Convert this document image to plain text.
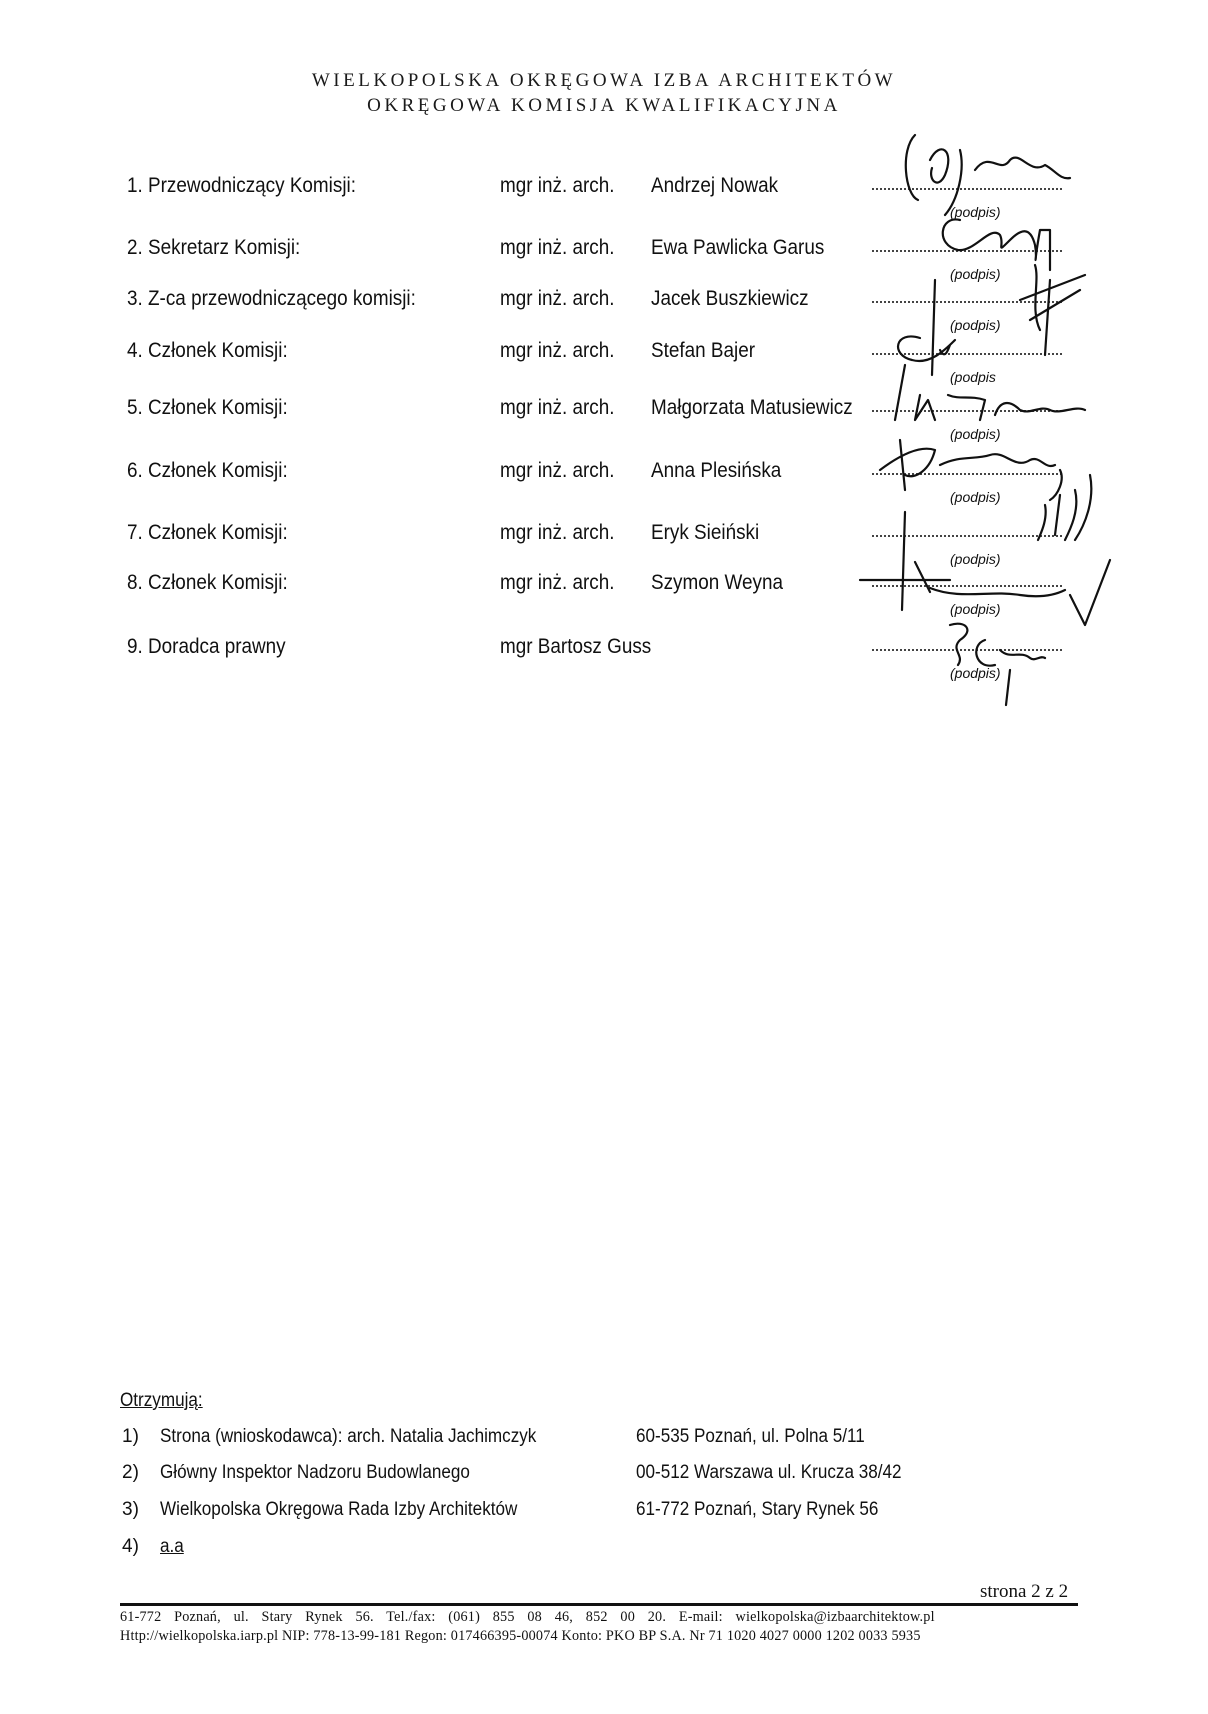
WIELKOPOLSKA OKRĘGOWA IZBA ARCHITEKTÓW
OKRĘGOWA KOMISJA KWALIFIKACYJNA
1. Przewodniczący Komisji:	mgr inż. arch. Andrzej Nowak
(podpis)
2. Sekretarz Komisji:	mgr inż. arch. Ewa Pawlicka Garus
(podpis)
3. Z-ca przewodniczącego komisji:	mgr inż. arch. Jacek Buszkiewicz
(podpis)
4. Członek Komisji:	mgr inż. arch. Stefan Bajer
(podpis
5. Członek Komisji:	mgr inż. arch. Małgorzata Matusiewicz
(podpis)
6. Członek Komisji:	mgr inż. arch. Anna Plesińska
(podpis)
7. Członek Komisji:	mgr inż. arch. Eryk Sieiński
(podpis)
8. Członek Komisji:	mgr inż. arch. Szymon Weyna
(podpis)
9. Doradca prawny	mgr Bartosz Guss
(podpis)
Otrzymują:
1) Strona (wnioskodawca): arch. Natalia Jachimczyk	60-535 Poznań, ul. Polna 5/11
2) Główny Inspektor Nadzoru Budowlanego	00-512 Warszawa ul. Krucza 38/42
3) Wielkopolska Okręgowa Rada Izby Architektów	61-772 Poznań, Stary Rynek 56
4) a.a
strona 2 z 2
61-772 Poznań, ul. Stary Rynek 56. Tel./fax: (061) 855 08 46, 852 00 20. E-mail: wielkopolska@izbaarchitektow.pl
Http://wielkopolska.iarp.pl NIP: 778-13-99-181 Regon: 017466395-00074 Konto: PKO BP S.A. Nr 71 1020 4027 0000 1202 0033 5935
